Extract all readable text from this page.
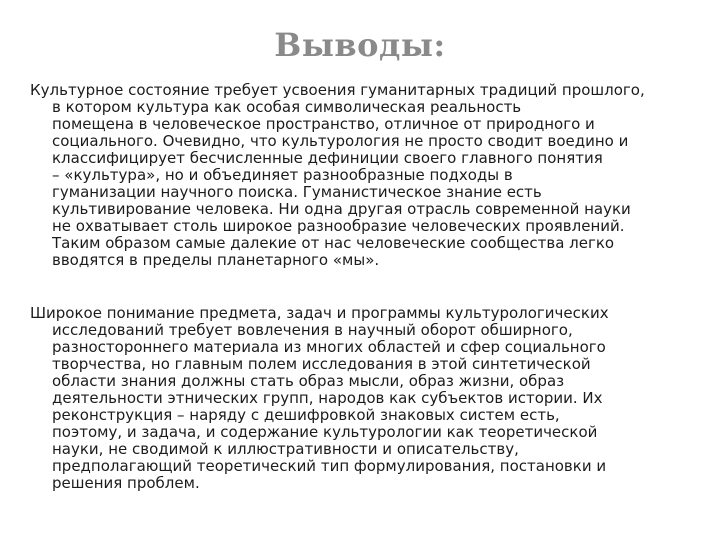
Выводы:
Культурное состояние требует усвоения гуманитарных традиций прошлого,
в котором культура как особая символическая реальность
помещена в человеческое пространство, отличное от природного и
социального. Очевидно, что культурология не просто сводит воедино и
классифицирует бесчисленные дефиниции своего главного понятия
– «культура», но и объединяет разнообразные подходы в
гуманизации научного поиска. Гуманистическое знание есть
культивирование человека. Ни одна другая отрасль современной науки
не охватывает столь широкое разнообразие человеческих проявлений.
Таким образом самые далекие от нас человеческие сообщества легко
вводятся в пределы планетарного «мы».
Широкое понимание предмета, задач и программы культурологических
исследований требует вовлечения в научный оборот обширного,
разностороннего материала из многих областей и сфер социального
творчества, но главным полем исследования в этой синтетической
области знания должны стать образ мысли, образ жизни, образ
деятельности этнических групп, народов как субъектов истории. Их
реконструкция – наряду с дешифровкой знаковых систем есть,
поэтому, и задача, и содержание культурологии как теоретической
науки, не сводимой к иллюстративности и описательству,
предполагающий теоретический тип формулирования, постановки и
решения проблем.
